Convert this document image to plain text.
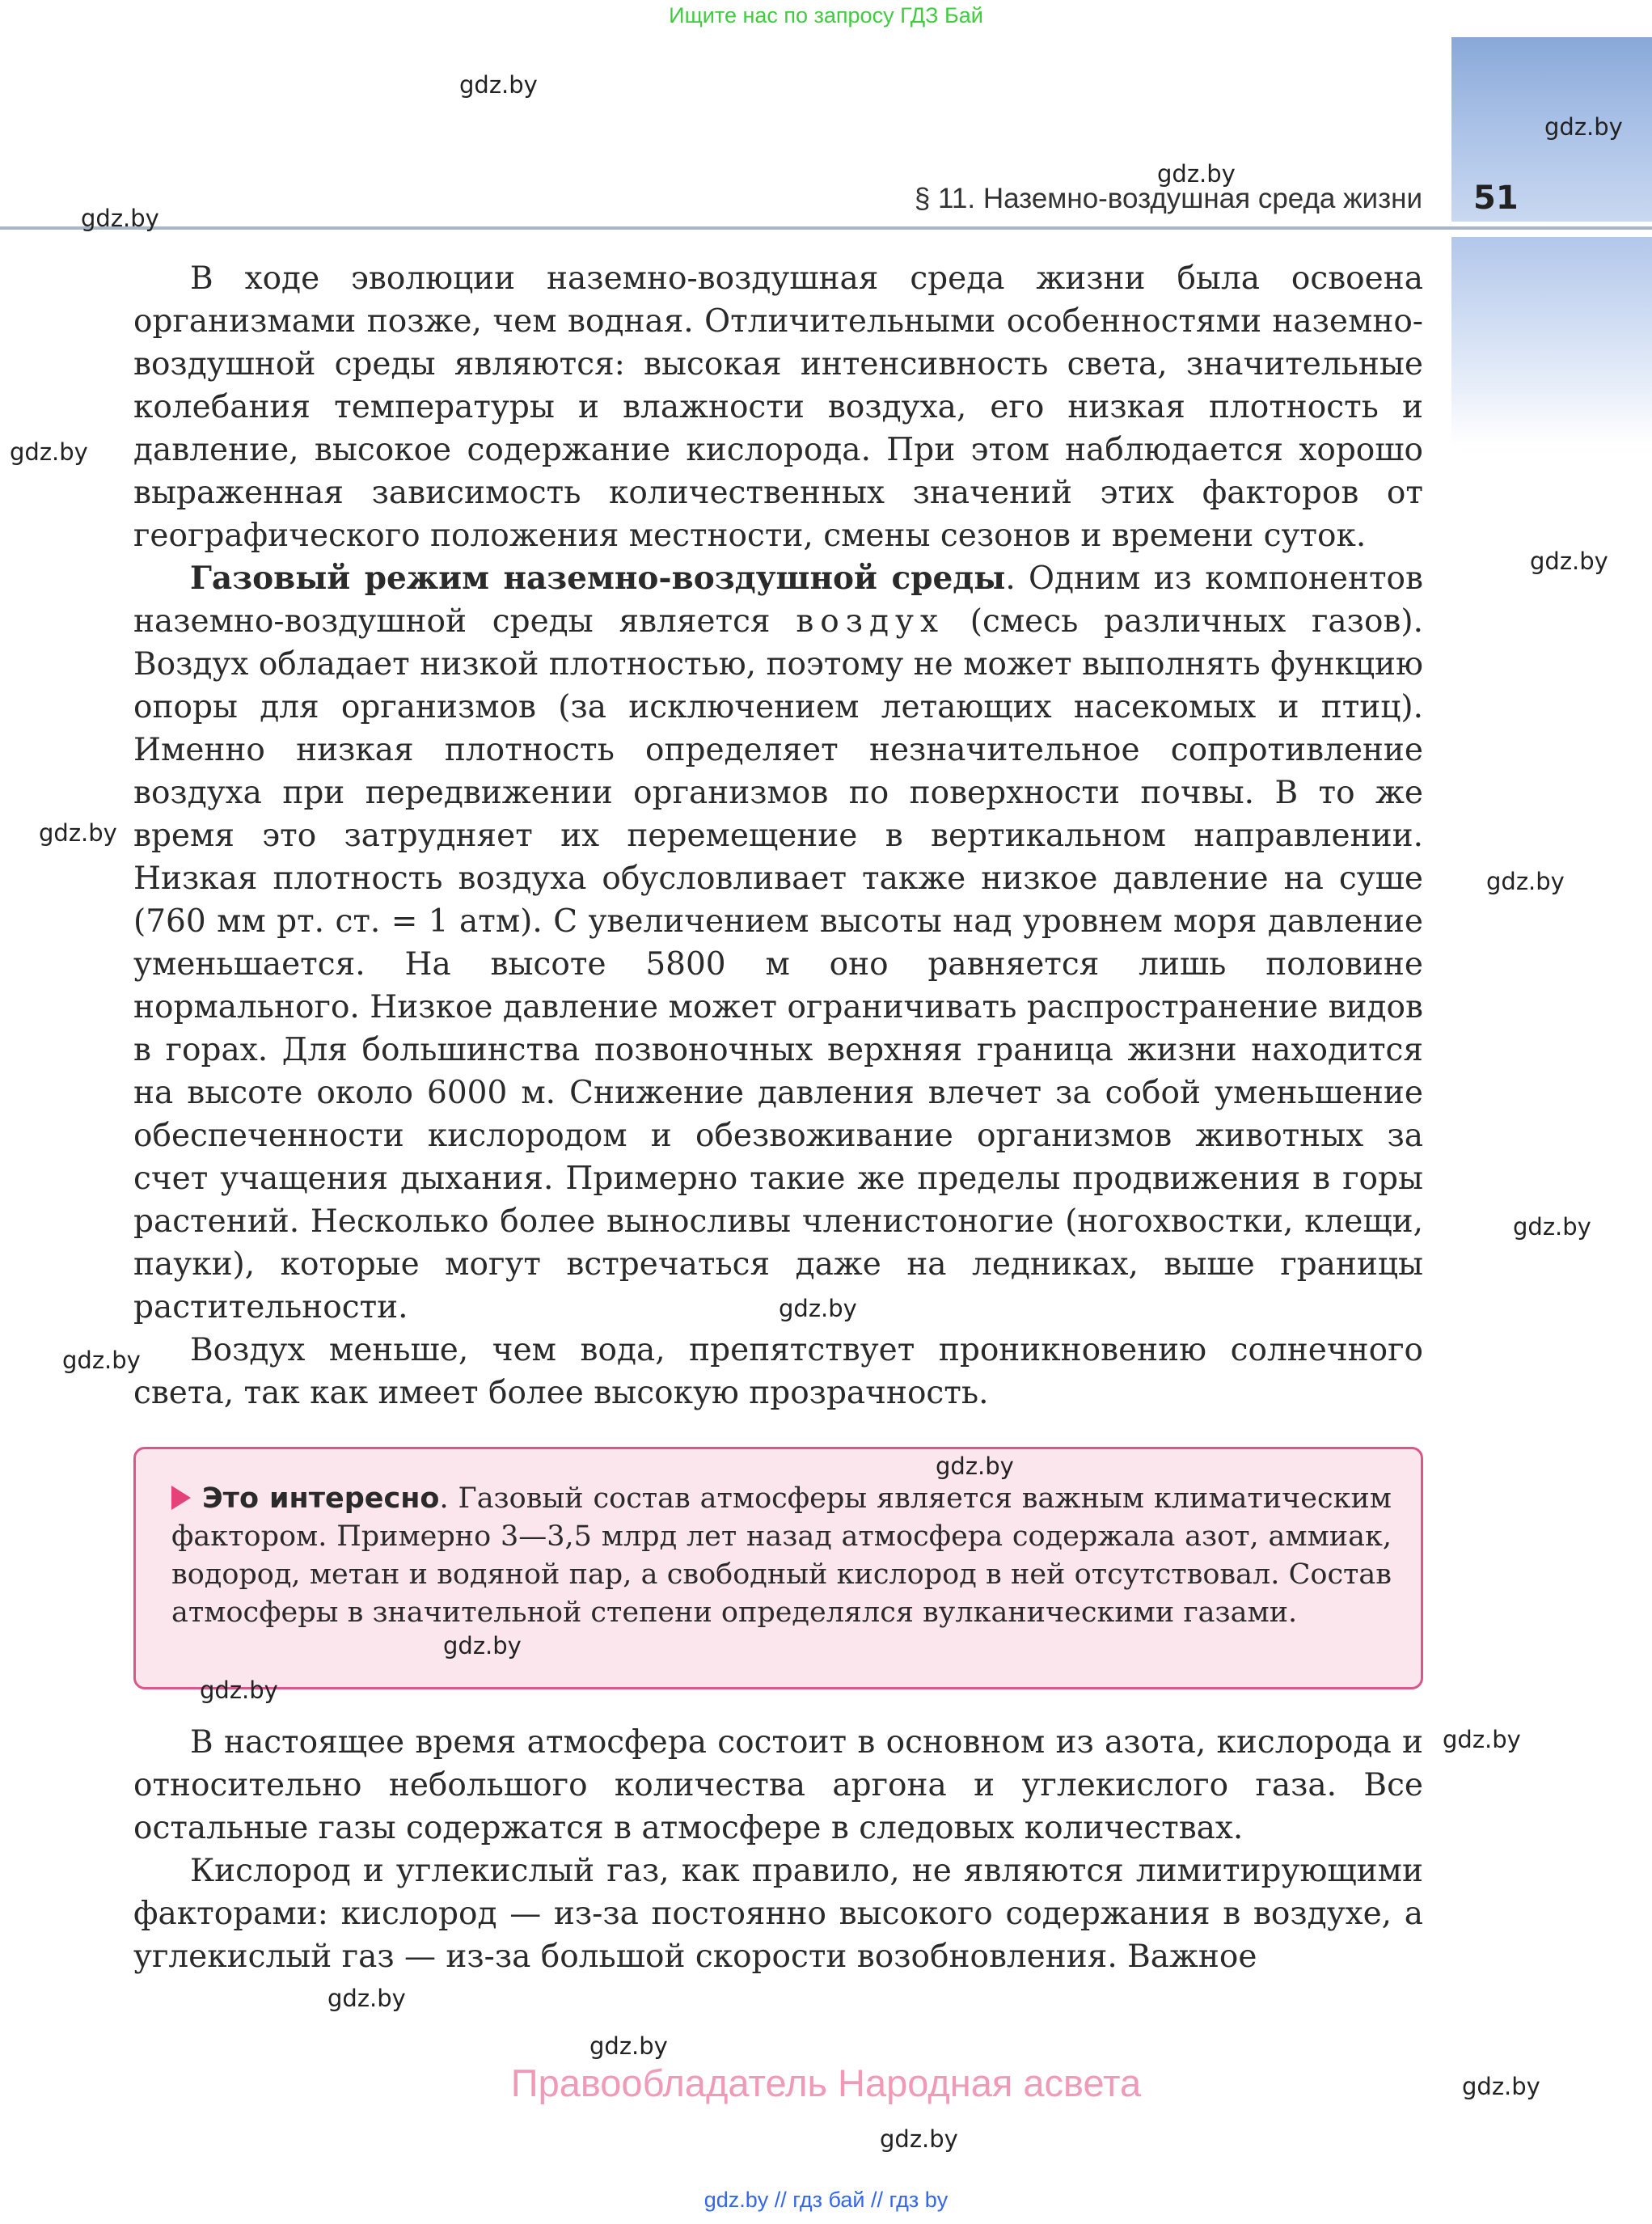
Ищите нас по запросу ГДЗ Бай
51
§ 11. Наземно-воздушная среда жизни

В ходе эволюции наземно-воздушная среда жизни была освоена организмами позже, чем водная. Отличительными особенностями наземно-воздушной среды являются: высокая интенсивность света, значительные колебания температуры и влажности воздуха, его низкая плотность и давление, высокое содержание кислорода. При этом наблюдается хорошо выраженная зависимость количественных значений этих факторов от географического положения местности, смены сезонов и времени суток.

Газовый режим наземно-воздушной среды. Одним из компонентов наземно-воздушной среды является воздух (смесь различных газов). Воздух обладает низкой плотностью, поэтому не может выполнять функцию опоры для организмов (за исключением летающих насекомых и птиц). Именно низкая плотность определяет незначительное сопротивление воздуха при передвижении организмов по поверхности почвы. В то же время это затрудняет их перемещение в вертикальном направлении. Низкая плотность воздуха обусловливает также низкое давление на суше (760 мм рт. ст. = 1 атм). С увеличением высоты над уровнем моря давление уменьшается. На высоте 5800 м оно равняется лишь половине нормального. Низкое давление может ограничивать распространение видов в горах. Для большинства позвоночных верхняя граница жизни находится на высоте около 6000 м. Снижение давления влечет за собой уменьшение обеспеченности кислородом и обезвоживание организмов животных за счет учащения дыхания. Примерно такие же пределы продвижения в горы растений. Несколько более выносливы членистоногие (ногохвостки, клещи, пауки), которые могут встречаться даже на ледниках, выше границы растительности.

Воздух меньше, чем вода, препятствует проникновению солнечного света, так как имеет более высокую прозрачность.

Это интересно. Газовый состав атмосферы является важным климатическим фактором. Примерно 3—3,5 млрд лет назад атмосфера содержала азот, аммиак, водород, метан и водяной пар, а свободный кислород в ней отсутствовал. Состав атмосферы в значительной степени определялся вулканическими газами.

В настоящее время атмосфера состоит в основном из азота, кислорода и относительно небольшого количества аргона и углекислого газа. Все остальные газы содержатся в атмосфере в следовых количествах.

Кислород и углекислый газ, как правило, не являются лимитирующими факторами: кислород — из-за постоянно высокого содержания в воздухе, а углекислый газ — из-за большой скорости возобновления. Важное

Правообладатель Народная асвета
gdz.by // гдз бай // гдз by
gdz.by
gdz.by
gdz.by
gdz.by
gdz.by
gdz.by
gdz.by
gdz.by
gdz.by
gdz.by
gdz.by
gdz.by
gdz.by
gdz.by
gdz.by
gdz.by
gdz.by
gdz.by
gdz.by
